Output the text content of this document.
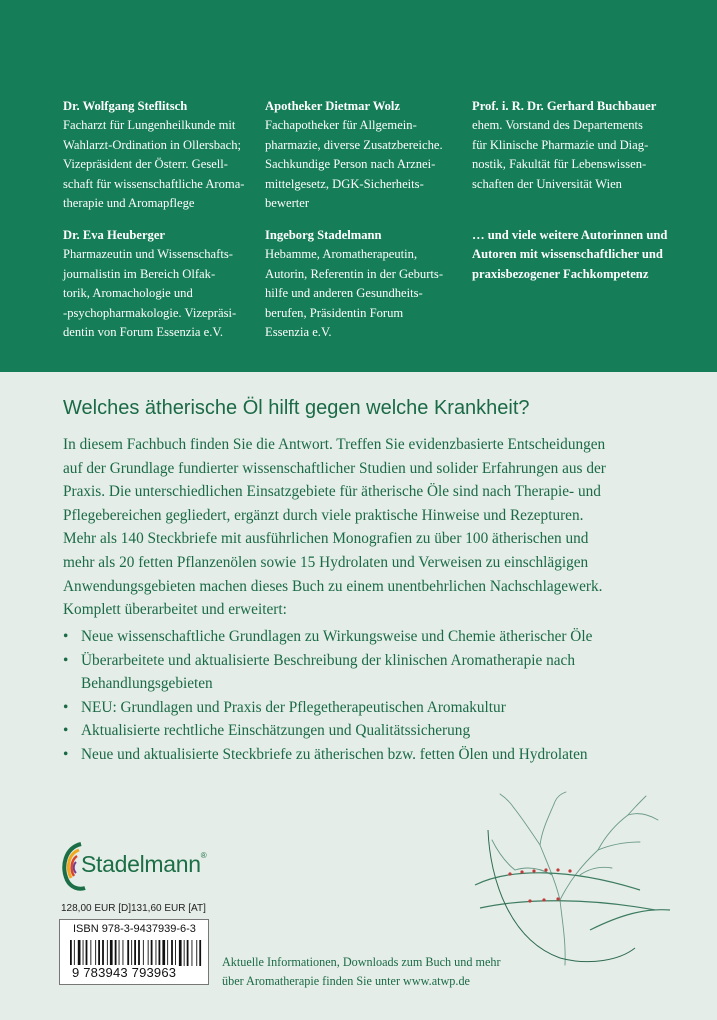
Dr. Wolfgang Steflitsch
Facharzt für Lungenheilkunde mit
Wahlarzt-Ordination in Ollersbach;
Vizepräsident der Österr. Gesell-
schaft für wissenschaftliche Aroma-
therapie und Aromapflege
Apotheker Dietmar Wolz
Fachapotheker für Allgemein-
pharmazie, diverse Zusatzbereiche.
Sachkundige Person nach Arznei-
mittelgesetz, DGK-Sicherheits-
bewerter
Prof. i. R. Dr. Gerhard Buchbauer
ehem. Vorstand des Departements
für Klinische Pharmazie und Diag-
nostik, Fakultät für Lebenswissen-
schaften der Universität Wien
Dr. Eva Heuberger
Pharmazeutin und Wissenschafts-
journalistin im Bereich Olfak-
torik, Aromachologie und
-psychopharmakologie. Vizepräsi-
dentin von Forum Essenzia e.V.
Ingeborg Stadelmann
Hebamme, Aromatherapeutin,
Autorin, Referentin in der Geburts-
hilfe und anderen Gesundheits-
berufen, Präsidentin Forum
Essenzia e.V.
… und viele weitere Autorinnen und
Autoren mit wissenschaftlicher und
praxisbezogener Fachkompetenz
Welches ätherische Öl hilft gegen welche Krankheit?
In diesem Fachbuch finden Sie die Antwort. Treffen Sie evidenzbasierte Entscheidungen
auf der Grundlage fundierter wissenschaftlicher Studien und solider Erfahrungen aus der
Praxis. Die unterschiedlichen Einsatzgebiete für ätherische Öle sind nach Therapie- und
Pflegebereichen gegliedert, ergänzt durch viele praktische Hinweise und Rezepturen.
Mehr als 140 Steckbriefe mit ausführlichen Monografien zu über 100 ätherischen und
mehr als 20 fetten Pflanzenölen sowie 15 Hydrolaten und Verweisen zu einschlägigen
Anwendungsgebieten machen dieses Buch zu einem unentbehrlichen Nachschlagewerk.
Komplett überarbeitet und erweitert:
• Neue wissenschaftliche Grundlagen zu Wirkungsweise und Chemie ätherischer Öle
• Überarbeitete und aktualisierte Beschreibung der klinischen Aromatherapie nach
Behandlungsgebieten
• NEU: Grundlagen und Praxis der Pflegetherapeutischen Aromakultur
• Aktualisierte rechtliche Einschätzungen und Qualitätssicherung
• Neue und aktualisierte Steckbriefe zu ätherischen bzw. fetten Ölen und Hydrolaten
Stadelmann®
128,00 EUR [D] 131,60 EUR [AT]
ISBN 978-3-9437939-6-3
9 783943 793963
Aktuelle Informationen, Downloads zum Buch und mehr
über Aromatherapie finden Sie unter www.atwp.de
